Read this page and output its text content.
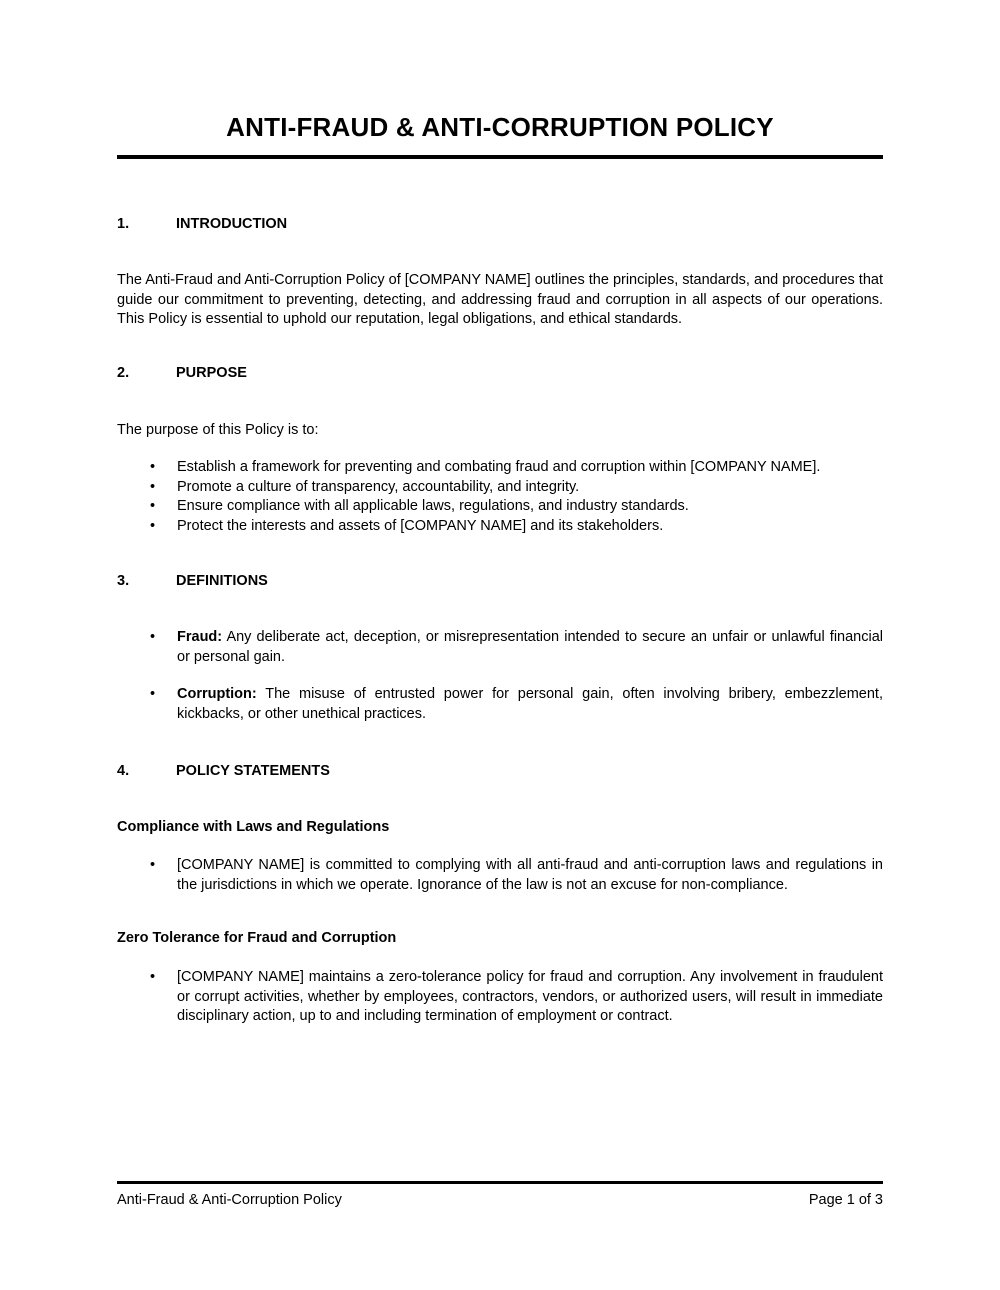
ANTI-FRAUD & ANTI-CORRUPTION POLICY
1.	INTRODUCTION

The Anti-Fraud and Anti-Corruption Policy of [COMPANY NAME] outlines the principles, standards, and procedures that guide our commitment to preventing, detecting, and addressing fraud and corruption in all aspects of our operations. This Policy is essential to uphold our reputation, legal obligations, and ethical standards.

2.	PURPOSE

The purpose of this Policy is to:

• Establish a framework for preventing and combating fraud and corruption within [COMPANY NAME].
• Promote a culture of transparency, accountability, and integrity.
• Ensure compliance with all applicable laws, regulations, and industry standards.
• Protect the interests and assets of [COMPANY NAME] and its stakeholders.
3.	DEFINITIONS
• Fraud: Any deliberate act, deception, or misrepresentation intended to secure an unfair or unlawful financial or personal gain.
• Corruption: The misuse of entrusted power for personal gain, often involving bribery, embezzlement, kickbacks, or other unethical practices.
4.	POLICY STATEMENTS
Compliance with Laws and Regulations
• [COMPANY NAME] is committed to complying with all anti-fraud and anti-corruption laws and regulations in the jurisdictions in which we operate. Ignorance of the law is not an excuse for non-compliance.
Zero Tolerance for Fraud and Corruption
• [COMPANY NAME] maintains a zero-tolerance policy for fraud and corruption. Any involvement in fraudulent or corrupt activities, whether by employees, contractors, vendors, or authorized users, will result in immediate disciplinary action, up to and including termination of employment or contract.
Anti-Fraud & Anti-Corruption Policy	Page 1 of 3
